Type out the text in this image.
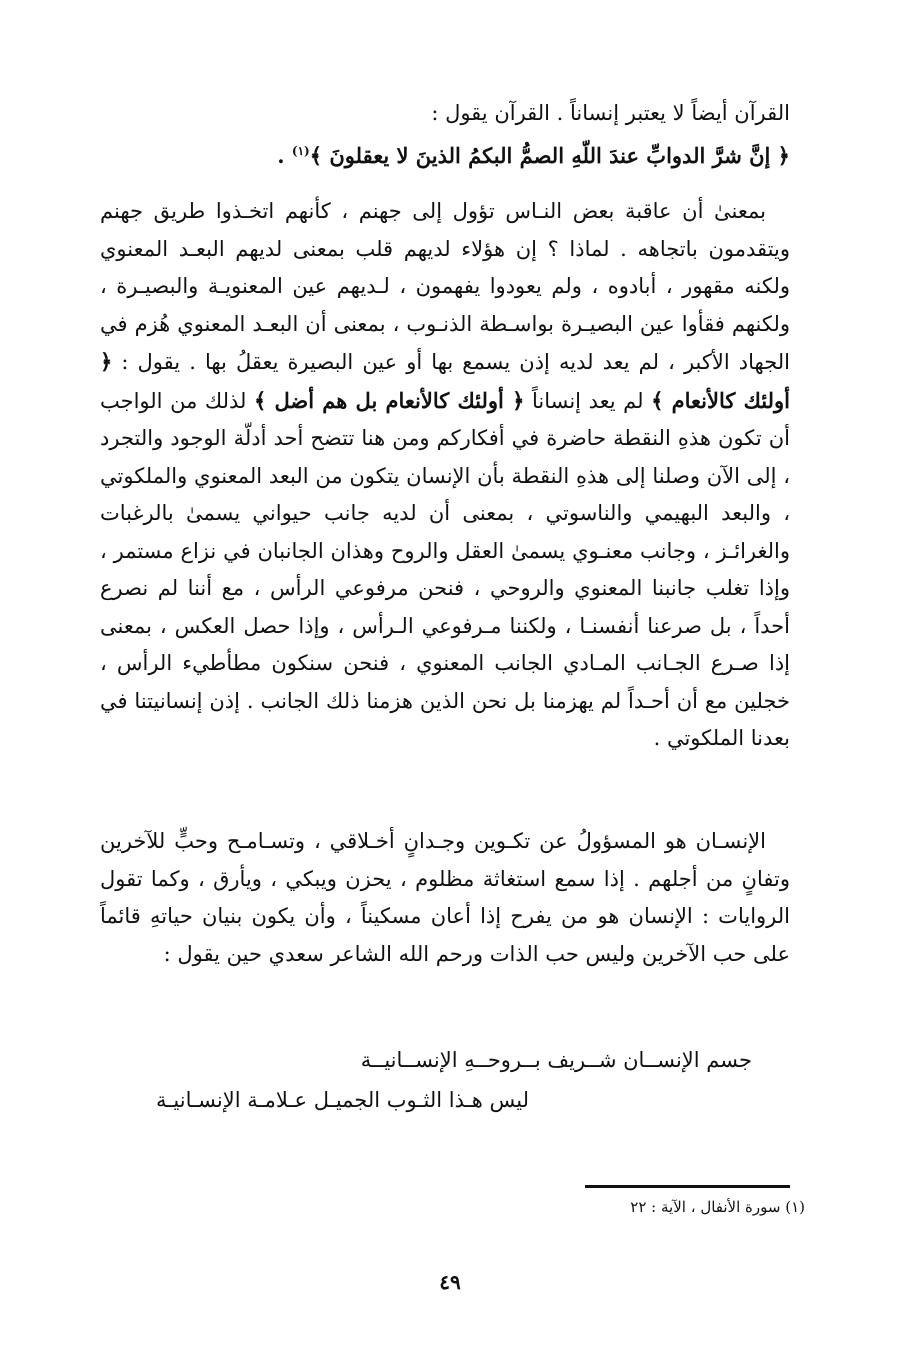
القرآن أيضاً لا يعتبر إنساناً . القرآن يقول :

﴿ إنَّ شرَّ الدوابِّ عندَ اللّهِ الصمُّ البكمُ الذينَ لا يعقلونَ ﴾$^{(١)}$ .

بمعنىٰ أن عاقبة بعض النـاس تؤول إلى جهنم ، كأنهم اتخـذوا طريق جهنم ويتقدمون باتجاهه . لماذا ؟ إن هؤلاء لديهم قلب بمعنى لديهم البعـد المعنوي ولكنه مقهور ، أبادوه ، ولم يعودوا يفهمون ، لـديهم عين المعنويـة والبصيـرة ، ولكنهم فقأوا عين البصيـرة بواسـطة الذنـوب ، بمعنى أن البعـد المعنوي هُزم في الجهاد الأكبر ، لم يعد لديه إذن يسمع بها أو عين البصيرة يعقلُ بها . يقول : ﴿ أولئك كالأنعام ﴾ لم يعد إنساناً ﴿ أولئك كالأنعام بل هم أضل ﴾ لذلك من الواجب أن تكون هذهِ النقطة حاضرة في أفكاركم ومن هنا تتضح أحد أدلّة الوجود والتجرد ، إلى الآن وصلنا إلى هذهِ النقطة بأن الإنسان يتكون من البعد المعنوي والملكوتي ، والبعد البهيمي والناسوتي ، بمعنى أن لديه جانب حيواني يسمىٰ بالرغبات والغرائـز ، وجانب معنـوي يسمىٰ العقل والروح وهذان الجانبان في نزاع مستمر ، وإذا تغلب جانبنا المعنوي والروحي ، فنحن مرفوعي الرأس ، مع أننا لم نصرع أحداً ، بل صرعنا أنفسنـا ، ولكننا مـرفوعي الـرأس ، وإذا حصل العكس ، بمعنى إذا صـرع الجـانب المـادي الجانب المعنوي ، فنحن سنكون مطأطيء الرأس ، خجلين مع أن أحـداً لم يهزمنا بل نحن الذين هزمنا ذلك الجانب . إذن إنسانيتنا في بعدنا الملكوتي .

الإنسـان هو المسؤولُ عن تكـوين وجـدانٍ أخـلاقي ، وتسـامـح وحبٍّ للآخرين وتفانٍ من أجلهم . إذا سمع استغاثة مظلوم ، يحزن ويبكي ، ويأرق ، وكما تقول الروايات : الإنسان هو من يفرح إذا أعان مسكيناً ، وأن يكون بنيان حياتهِ قائماً على حب الآخرين وليس حب الذات ورحم الله الشاعر سعدي حين يقول :

جسم الإنســان شــريف بــروحــهِ الإنســانيــة
ليس هـذا الثـوب الجميـل عـلامـة الإنسـانيـة
(١) سورة الأنفال ، الآية : ٢٢
٤٩
